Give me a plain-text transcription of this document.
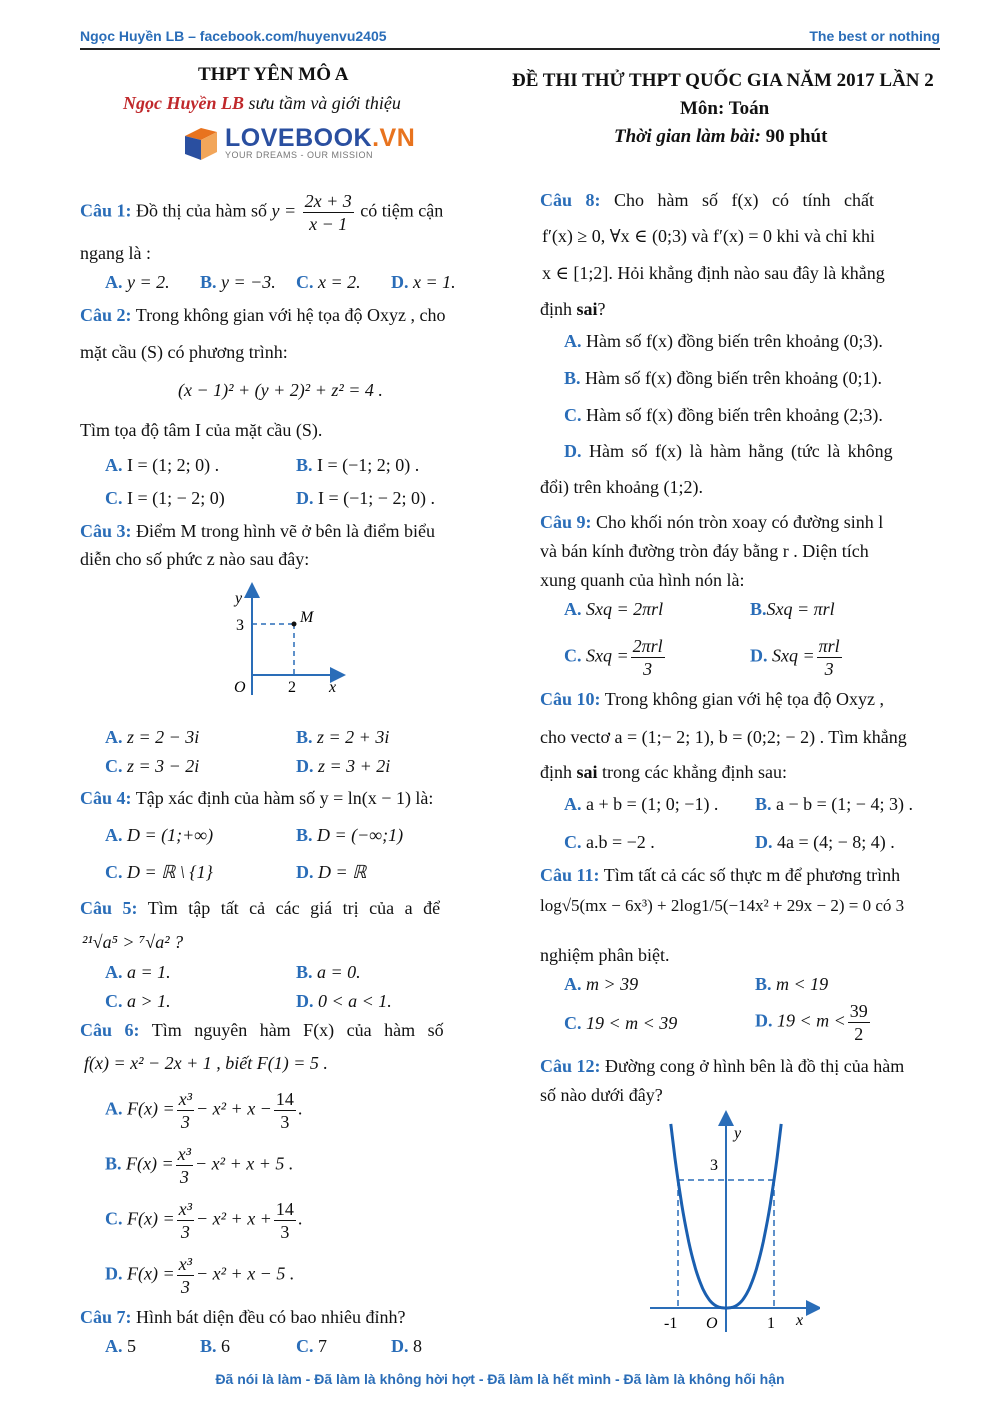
Ngọc Huyền LB – facebook.com/huyenvu2405	The best or nothing
THPT YÊN MÔ A
Ngọc Huyền LB sưu tầm và giới thiệu
LOVEBOOK.VN
YOUR DREAMS - OUR MISSION
ĐỀ THI THỬ THPT QUỐC GIA NĂM 2017 LẦN 2
Môn: Toán
Thời gian làm bài: 90 phút
Câu 1: Đồ thị của hàm số $y = \frac{2x + 3}{x - 1}$ có tiệm cận
ngang là :
A. y = 2. B. y = −3. C. x = 2. D. x = 1.
Câu 2: Trong không gian với hệ tọa độ Oxyz , cho
mặt cầu (S) có phương trình:
(x − 1)² + (y + 2)² + z² = 4 .
Tìm tọa độ tâm I của mặt cầu (S).
A. I = (1; 2; 0) .	B. I = (−1; 2; 0) .
C. I = (1; − 2; 0)	D. I = (−1; − 2; 0) .
Câu 3: Điểm M trong hình vẽ ở bên là điểm biểu
diễn cho số phức z nào sau đây:
y
3	M
O	2 x
A. z = 2 − 3i	B. z = 2 + 3i
C. z = 3 − 2i	D. z = 3 + 2i
Câu 4: Tập xác định của hàm số y = ln(x − 1) là:
A. D = (1;+∞)	B. D = (−∞;1)
C. D = ℝ \ {1}	D. D = ℝ
Câu 5: Tìm tập tất cả các giá trị của a để
²¹√a⁵ > ⁷√a² ?
A. a = 1.	B. a = 0.
C. a > 1.	D. 0 < a < 1.
Câu 6: Tìm nguyên hàm F(x) của hàm số
f(x) = x² − 2x + 1 , biết F(1) = 5 .
A. $F(x) = \frac{\text{x³}}{3} - x^2 + x - \frac{14}{3}$ .
B. $F(x) = \frac{\text{x³}}{3} - x^2 + x + 5$ .
C. $F(x) = \frac{\text{x³}}{3} - x^2 + x + \frac{14}{3}$ .
D. $F(x) = \frac{\text{x³}}{3} - x^2 + x - 5$ .
Câu 7: Hình bát diện đều có bao nhiêu đỉnh?
A. 5	B. 6	C. 7	D. 8
Câu 8: Cho hàm số f(x) có tính chất
f′(x) ≥ 0, ∀x ∈ (0;3) và f′(x) = 0 khi và chỉ khi
x ∈ [1;2]. Hỏi khẳng định nào sau đây là khẳng
định sai?
A. Hàm số f(x) đồng biến trên khoảng (0;3).
B. Hàm số f(x) đồng biến trên khoảng (0;1).
C. Hàm số f(x) đồng biến trên khoảng (2;3).
D. Hàm số f(x) là hàm hằng (tức là không
đổi) trên khoảng (1;2).
Câu 9: Cho khối nón tròn xoay có đường sinh l
và bán kính đường tròn đáy bằng r . Diện tích
xung quanh của hình nón là:
A. Sxq = 2πrl	B.Sxq = πrl
C. Sxq = $\frac{\text{2πrl}}{3}$	D. Sxq = $\frac{\text{πrl}}{3}$
Câu 10: Trong không gian với hệ tọa độ Oxyz ,
cho vectơ a = (1;− 2; 1), b = (0;2; − 2) . Tìm khẳng
định sai trong các khẳng định sau:
A. a + b = (1; 0; −1) . B. a − b = (1; − 4; 3) .
C. a.b = −2 .	D. 4a = (4; − 8; 4) .
Câu 11: Tìm tất cả các số thực m để phương trình
log√5(mx − 6x³) + 2log1/5(−14x² + 29x − 2) = 0 có 3
nghiệm phân biệt.
A. m > 39	B. m < 19
C. 19 < m < 39	D. $19 < m < \frac{39}{2}$
Câu 12: Đường cong ở hình bên là đồ thị của hàm
số nào dưới đây?
y
3
-1 O	1 x
Đã nói là làm - Đã làm là không hời hợt - Đã làm là hết mình - Đã làm là không hối hận
